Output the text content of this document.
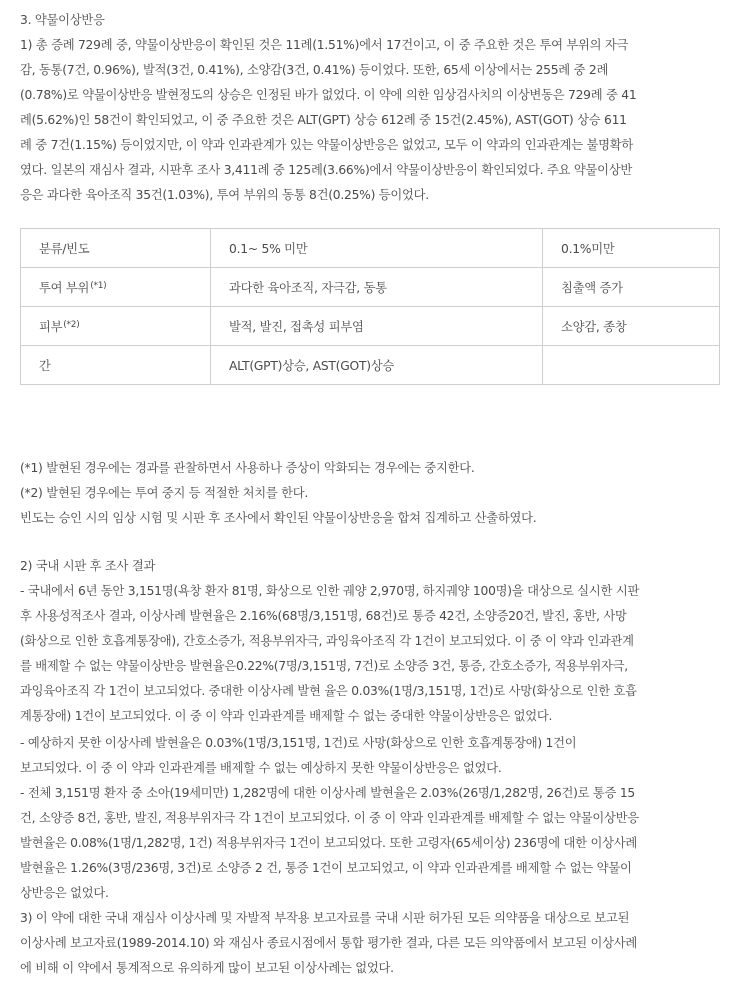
3. 약물이상반응
1) 총 증례 729례 중, 약물이상반응이 확인된 것은 11례(1.51%)에서 17건이고, 이 중 주요한 것은 투여 부위의 자극
감, 동통(7건, 0.96%), 발적(3건, 0.41%), 소양감(3건, 0.41%) 등이었다. 또한, 65세 이상에서는 255례 중 2례
(0.78%)로 약물이상반응 발현정도의 상승은 인정된 바가 없었다. 이 약에 의한 임상검사치의 이상변동은 729례 중 41
례(5.62%)인 58건이 확인되었고, 이 중 주요한 것은 ALT(GPT) 상승 612례 중 15건(2.45%), AST(GOT) 상승 611
례 중 7건(1.15%) 등이었지만, 이 약과 인과관계가 있는 약물이상반응은 없었고, 모두 이 약과의 인과관계는 불명확하
였다. 일본의 재심사 결과, 시판후 조사 3,411례 중 125례(3.66%)에서 약물이상반응이 확인되었다. 주요 약물이상반
응은 과다한 육아조직 35건(1.03%), 투여 부위의 동통 8건(0.25%) 등이었다.
분류/빈도	0.1~ 5% 미만	0.1%미만
투여 부위$^{(*1)}$	과다한 육아조직, 자극감, 동통	침출액 증가
피부$^{(*2)}$	발적, 발진, 접촉성 피부염	소양감, 종창
간	ALT(GPT)상승, AST(GOT)상승	
(*1) 발현된 경우에는 경과를 관찰하면서 사용하나 증상이 악화되는 경우에는 중지한다.
(*2) 발현된 경우에는 투여 중지 등 적절한 처치를 한다.
빈도는 승인 시의 임상 시험 및 시판 후 조사에서 확인된 약물이상반응을 합쳐 집계하고 산출하였다.
2) 국내 시판 후 조사 결과
- 국내에서 6년 동안 3,151명(욕창 환자 81명, 화상으로 인한 궤양 2,970명, 하지궤양 100명)을 대상으로 실시한 시판
후 사용성적조사 결과, 이상사례 발현율은 2.16%(68명/3,151명, 68건)로 통증 42건, 소양증20건, 발진, 홍반, 사망
(화상으로 인한 호흡계통장애), 간호소증가, 적용부위자극, 과잉육아조직 각 1건이 보고되었다. 이 중 이 약과 인과관계
를 배제할 수 없는 약물이상반응 발현율은0.22%(7명/3,151명, 7건)로 소양증 3건, 통증, 간호소증가, 적용부위자극,
과잉육아조직 각 1건이 보고되었다. 중대한 이상사례 발현 율은 0.03%(1명/3,151명, 1건)로 사망(화상으로 인한 호흡
계통장애) 1건이 보고되었다. 이 중 이 약과 인과관계를 배제할 수 없는 중대한 약물이상반응은 없었다.
- 예상하지 못한 이상사례 발현율은 0.03%(1명/3,151명, 1건)로 사망(화상으로 인한 호흡계통장애) 1건이
보고되었다. 이 중 이 약과 인과관계를 배제할 수 없는 예상하지 못한 약물이상반응은 없었다.
- 전체 3,151명 환자 중 소아(19세미만) 1,282명에 대한 이상사례 발현율은 2.03%(26명/1,282명, 26건)로 통증 15
건, 소양증 8건, 홍반, 발진, 적용부위자극 각 1건이 보고되었다. 이 중 이 약과 인과관계를 배제할 수 없는 약물이상반응
발현율은 0.08%(1명/1,282명, 1건) 적용부위자극 1건이 보고되었다. 또한 고령자(65세이상) 236명에 대한 이상사례
발현율은 1.26%(3명/236명, 3건)로 소양증 2 건, 통증 1건이 보고되었고, 이 약과 인과관계를 배제할 수 없는 약물이
상반응은 없었다.
3) 이 약에 대한 국내 재심사 이상사례 및 자발적 부작용 보고자료를 국내 시판 허가된 모든 의약품을 대상으로 보고된
이상사례 보고자료(1989-2014.10) 와 재심사 종료시점에서 통합 평가한 결과, 다른 모든 의약품에서 보고된 이상사례
에 비해 이 약에서 통계적으로 유의하게 많이 보고된 이상사례는 없었다.
